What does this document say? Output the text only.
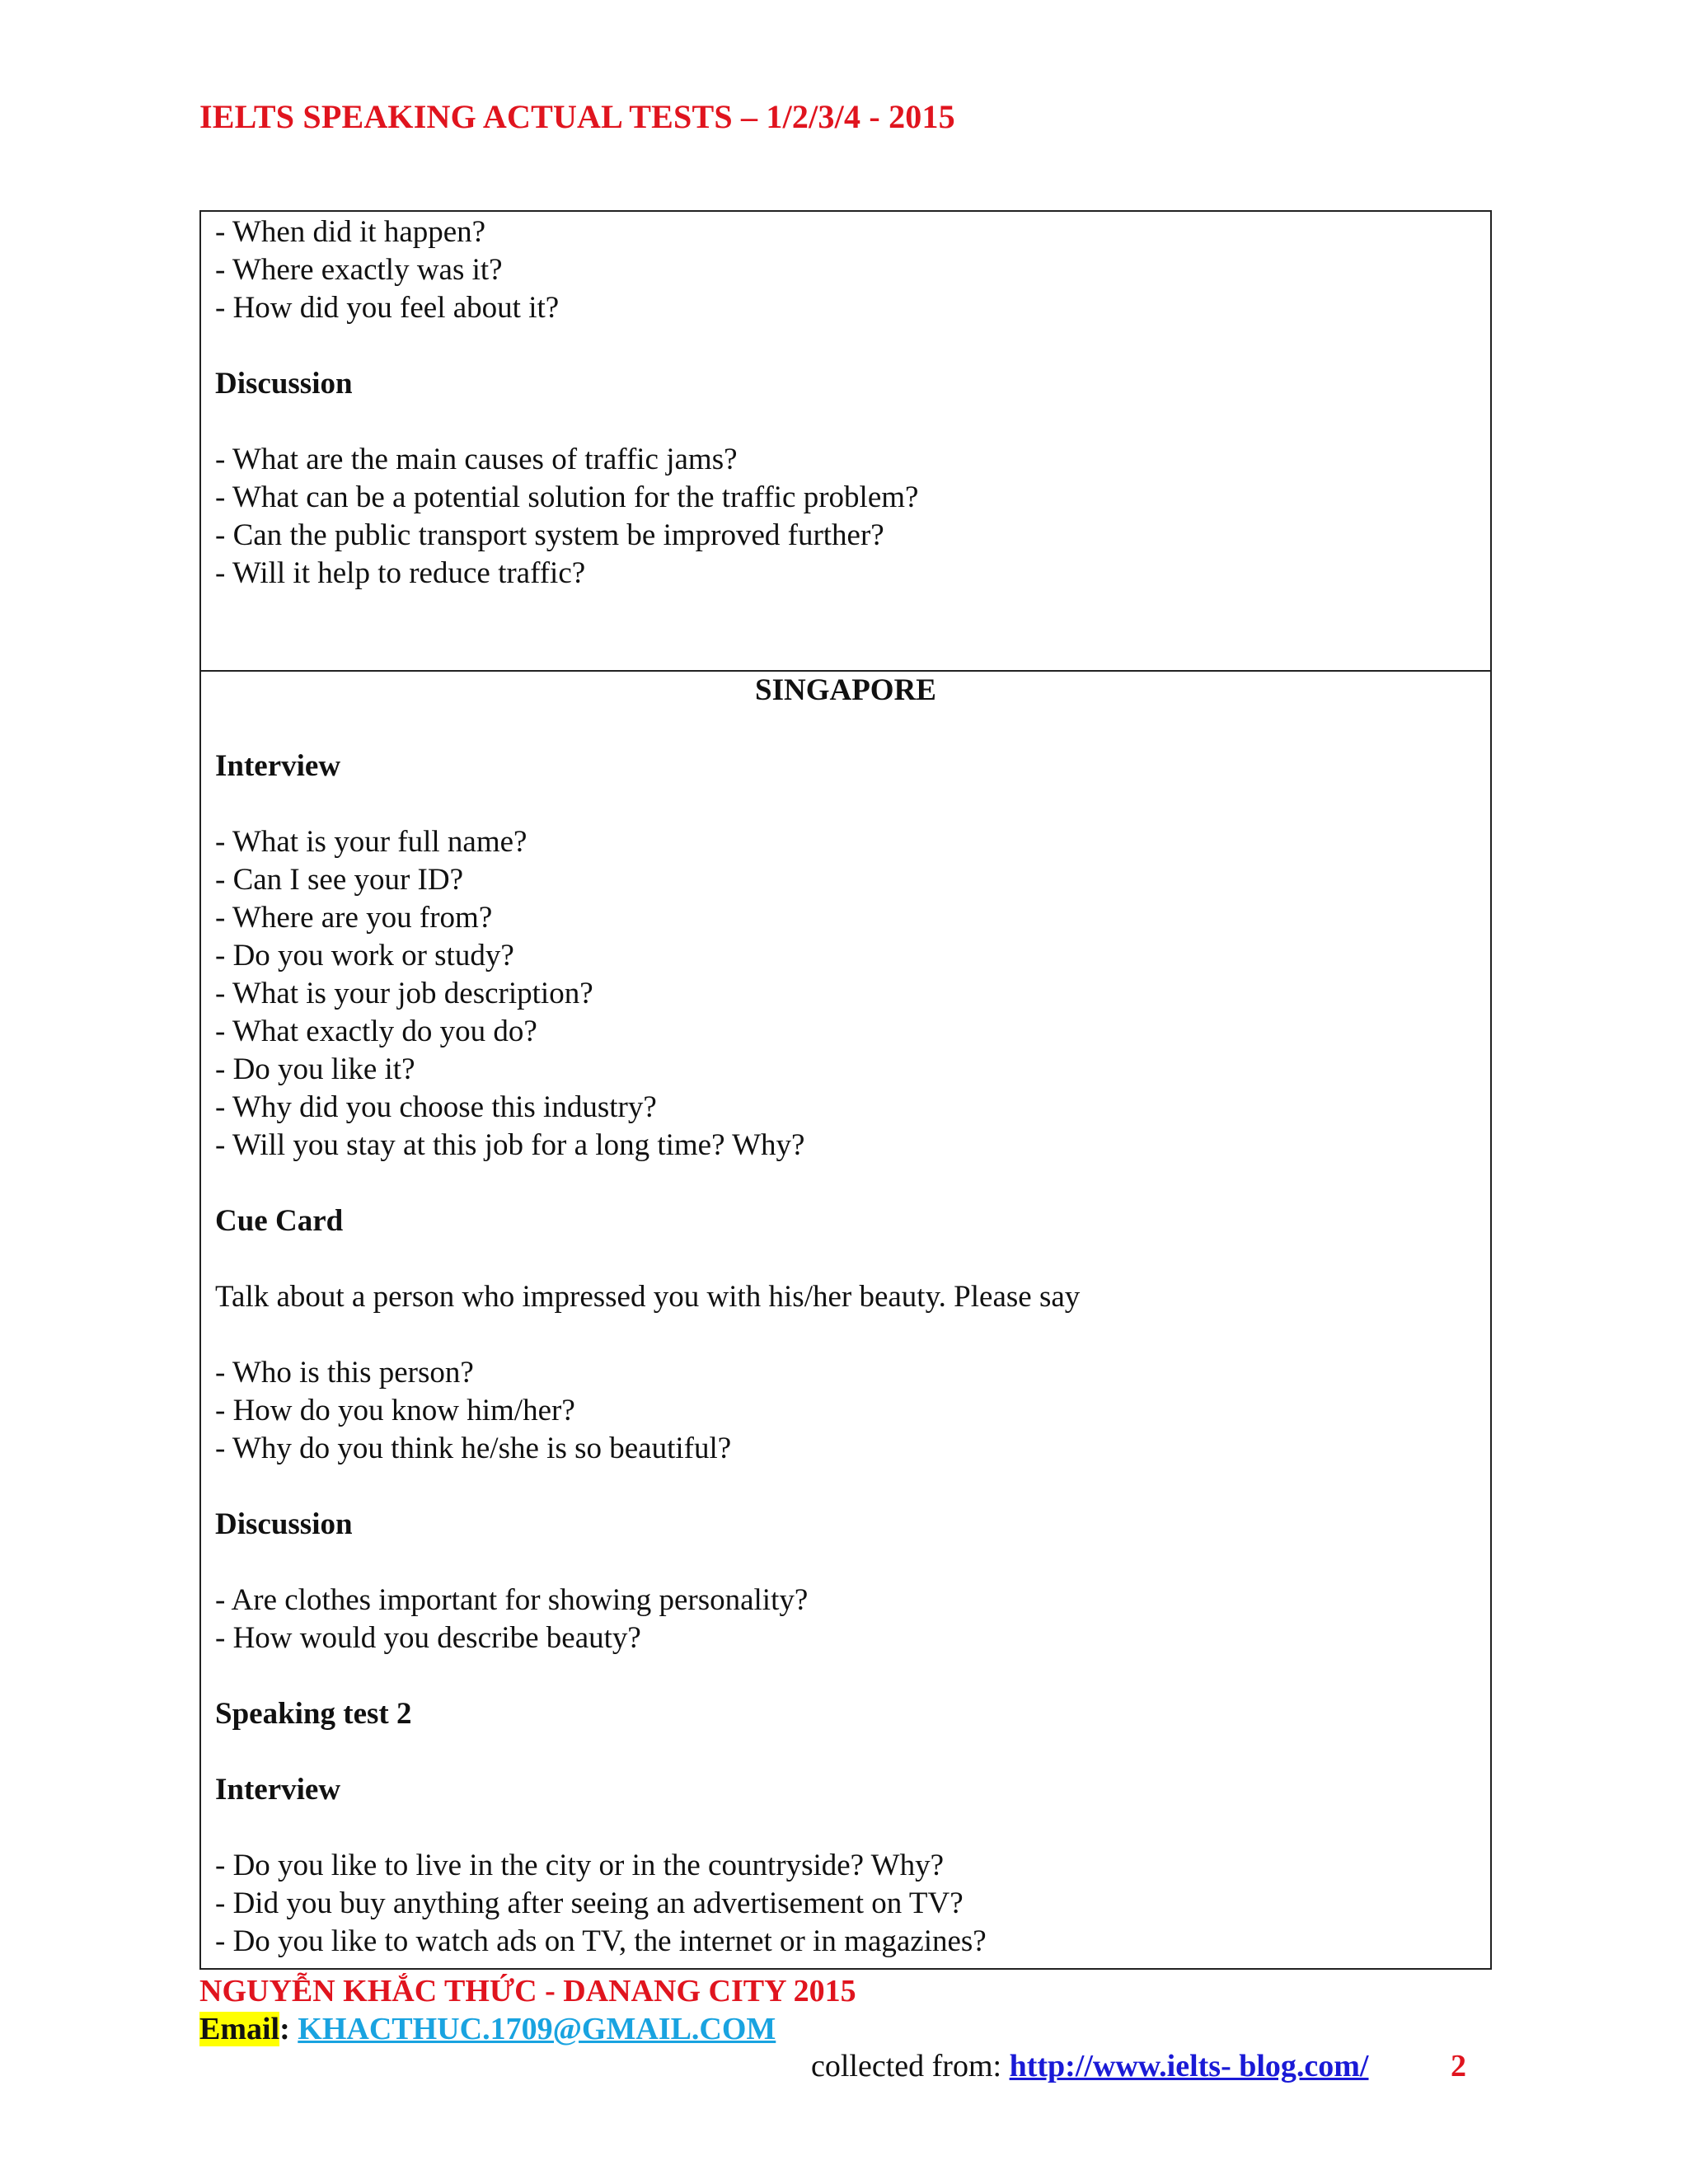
IELTS SPEAKING ACTUAL TESTS – 1/2/3/4 - 2015
- When did it happen?
- Where exactly was it?
- How did you feel about it?
Discussion
- What are the main causes of traffic jams?
- What can be a potential solution for the traffic problem?
- Can the public transport system be improved further?
- Will it help to reduce traffic?
SINGAPORE
Interview
- What is your full name?
- Can I see your ID?
- Where are you from?
- Do you work or study?
- What is your job description?
- What exactly do you do?
- Do you like it?
- Why did you choose this industry?
- Will you stay at this job for a long time? Why?
Cue Card
Talk about a person who impressed you with his/her beauty. Please say
- Who is this person?
- How do you know him/her?
- Why do you think he/she is so beautiful?
Discussion
- Are clothes important for showing personality?
- How would you describe beauty?
Speaking test 2
Interview
- Do you like to live in the city or in the countryside? Why?
- Did you buy anything after seeing an advertisement on TV?
- Do you like to watch ads on TV, the internet or in magazines?
NGUYỄN KHẮC THỨC - DANANG CITY 2015
Email: KHACTHUC.1709@GMAIL.COM
collected from: http://www.ielts- blog.com/	2
